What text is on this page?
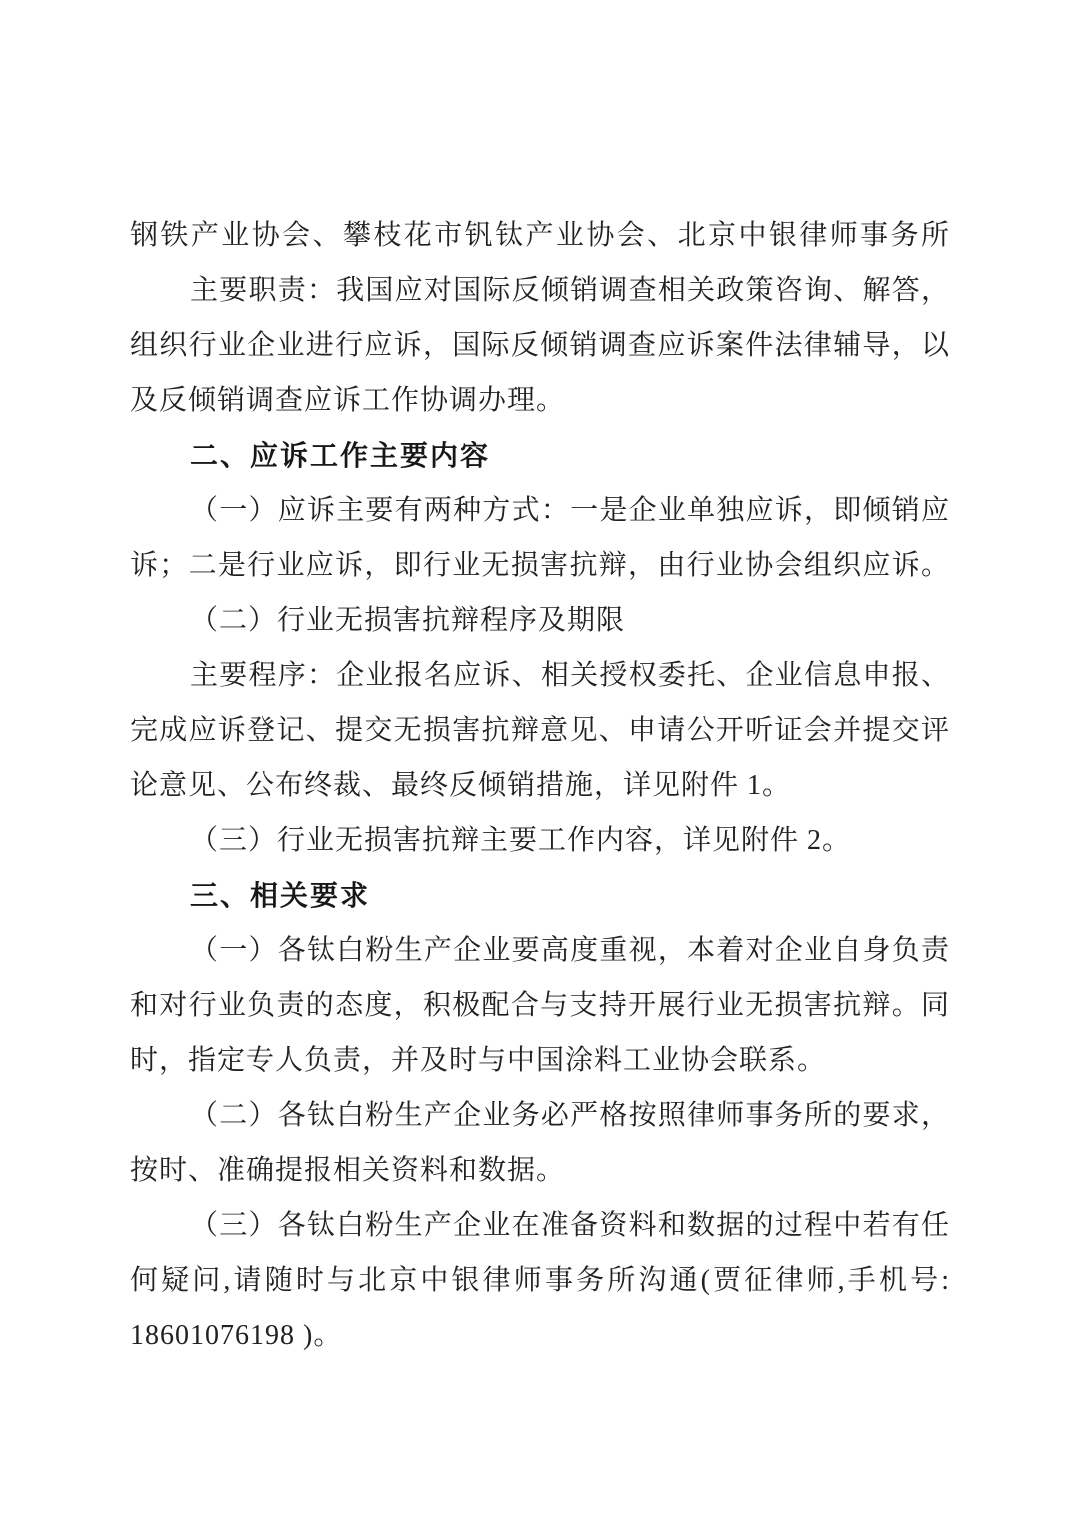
钢铁产业协会、攀枝花市钒钛产业协会、北京中银律师事务所
主要职责：我国应对国际反倾销调查相关政策咨询、解答，
组织行业企业进行应诉，国际反倾销调查应诉案件法律辅导，以
及反倾销调查应诉工作协调办理。
二、应诉工作主要内容
（一）应诉主要有两种方式：一是企业单独应诉，即倾销应
诉；二是行业应诉，即行业无损害抗辩，由行业协会组织应诉。
（二）行业无损害抗辩程序及期限
主要程序：企业报名应诉、相关授权委托、企业信息申报、
完成应诉登记、提交无损害抗辩意见、申请公开听证会并提交评
论意见、公布终裁、最终反倾销措施，详见附件 1。
（三）行业无损害抗辩主要工作内容，详见附件 2。
三、相关要求
（一）各钛白粉生产企业要高度重视，本着对企业自身负责
和对行业负责的态度，积极配合与支持开展行业无损害抗辩。同
时，指定专人负责，并及时与中国涂料工业协会联系。
（二）各钛白粉生产企业务必严格按照律师事务所的要求，
按时、准确提报相关资料和数据。
（三）各钛白粉生产企业在准备资料和数据的过程中若有任
何疑问,请随时与北京中银律师事务所沟通(贾征律师,手机号:
18601076198 )。
